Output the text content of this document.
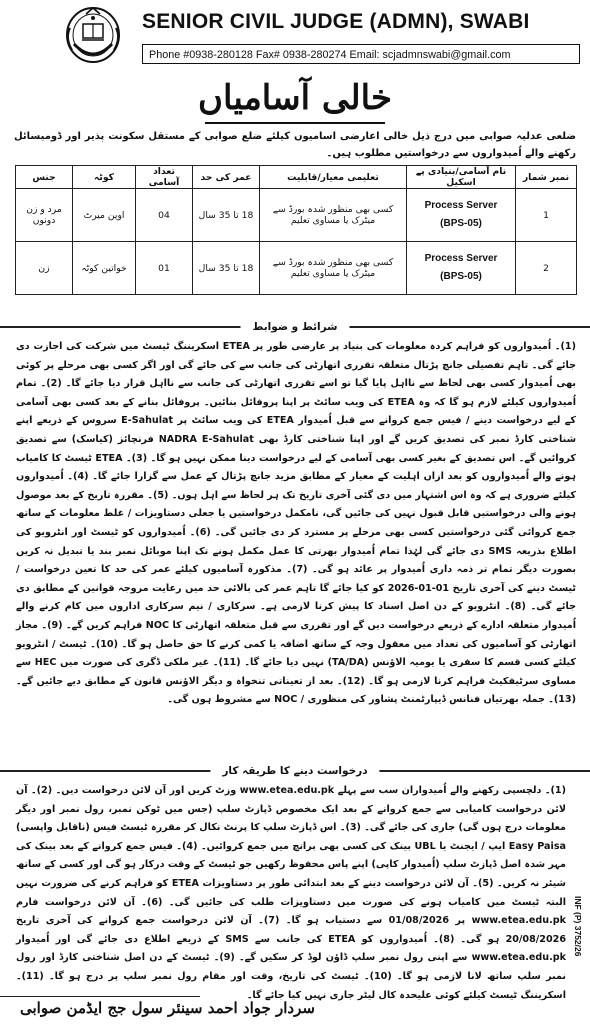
SENIOR CIVIL JUDGE (ADMN), SWABI
Phone #0938-280128 Fax# 0938-280274 Email: scjadmnswabi@gmail.com
خالی آسامیاں
ضلعی عدلیہ صوابی میں درج ذیل خالی اعارضی اسامیوں کیلئے ضلع صوابی کے مستقل سکونت پذیر اور ڈومیسائل رکھنے والے اُمیدواروں سے درخواستیں مطلوب ہیں۔
نمبر شمار	نام آسامی/بنیادی پے اسکیل	تعلیمی معیار/قابلیت	عمر کی حد	تعداد آسامی	کوٹہ	جنس
1	Process Server
(BPS-05)	کسی بھی منظور شدہ بورڈ سے میٹرک یا مساوی تعلیم	18 تا 35 سال	04	اوپن میرٹ	مرد و زن دونوں
2	Process Server
(BPS-05)	کسی بھی منظور شدہ بورڈ سے میٹرک یا مساوی تعلیم	18 تا 35 سال	01	خواتین کوٹہ	زن
شرائط و ضوابط
(1)۔ اُمیدواروں کو فراہم کردہ معلومات کی بنیاد پر عارضی طور پر ETEA اسکریننگ ٹیسٹ میں شرکت کی اجازت دی جائے گی۔ تاہم تفصیلی جانچ پڑتال متعلقہ تقرری اتھارٹی کی جانب سے کی جائے گی اور اگر کسی بھی مرحلے پر کوئی بھی اُمیدوار کسی بھی لحاظ سے نااہل پایا گیا تو اسے تقرری اتھارٹی کی جانب سے نااہل قرار دیا جائے گا۔ (2)۔ تمام اُمیدواروں کیلئے لازم ہو گا کہ وہ ETEA کی ویب سائٹ پر اپنا پروفائل بنائیں۔ پروفائل بنانے کے بعد کسی بھی آسامی کے لیے درخواست دینے / فیس جمع کروانے سے قبل اُمیدوار ETEA کی ویب سائٹ پر E-Sahulat سروس کے ذریعے اپنے شناختی کارڈ نمبر کی تصدیق کریں گے اور اپنا شناختی کارڈ بھی NADRA E-Sahulat فرنچائز (کیاسک) سے تصدیق کروائیں گے۔ اس تصدیق کے بغیر کسی بھی آسامی کے لیے درخواست دینا ممکن نہیں ہو گا۔ (3)۔ ETEA ٹیسٹ کا کامیاب ہونے والے اُمیدواروں کو بعد ازاں اہلیت کے معیار کے مطابق مزید جانچ پڑتال کے عمل سے گزارا جائے گا۔ (4)۔ اُمیدواروں کیلئے ضروری ہے کہ وہ اس اشتہار میں دی گئی آخری تاریخ تک ہر لحاظ سے اہل ہوں۔ (5)۔ مقررہ تاریخ کے بعد موصول ہونے والی درخواستیں قابل قبول نہیں کی جائیں گی، نامکمل درخواستیں یا جعلی دستاویزات / غلط معلومات کے ساتھ جمع کروائی گئی درخواستیں کسی بھی مرحلے پر مسترد کر دی جائیں گی۔ (6)۔ اُمیدواروں کو ٹیسٹ اور انٹرویو کی اطلاع بذریعہ SMS دی جائے گی لہٰذا تمام اُمیدوار بھرتی کا عمل مکمل ہونے تک اپنا موبائل نمبر بند یا تبدیل نہ کریں بصورت دیگر تمام تر ذمہ داری اُمیدوار پر عائد ہو گی۔ (7)۔ مذکورہ آسامیوں کیلئے عمر کی حد کا تعین درخواست / ٹیسٹ دینے کی آخری تاریخ 01-01-2026 کو کیا جائے گا تاہم عمر کی بالائی حد میں رعایت مروجہ قوانین کے مطابق دی جائے گی۔ (8)۔ انٹرویو کے دن اصل اسناد کا پیش کرنا لازمی ہے۔ سرکاری / نیم سرکاری اداروں میں کام کرنے والے اُمیدوار متعلقہ ادارے کے ذریعے درخواست دیں گے اور تقرری سے قبل متعلقہ اتھارٹی کا NOC فراہم کریں گے۔ (9)۔ مجاز اتھارٹی کو آسامیوں کی تعداد میں معقول وجہ کے ساتھ اضافہ یا کمی کرنے کا حق حاصل ہو گا۔ (10)۔ ٹیسٹ / انٹرویو کیلئے کسی قسم کا سفری یا یومیہ الاؤنس (TA/DA) نہیں دیا جائے گا۔ (11)۔ غیر ملکی ڈگری کی صورت میں HEC سے مساوی سرٹیفکیٹ فراہم کرنا لازمی ہو گا۔ (12)۔ بعد از تعیناتی تنخواہ و دیگر الاؤنس قانون کے مطابق دیے جائیں گے۔ (13)۔ جملہ بھرتیاں فنانس ڈیپارٹمنٹ پشاور کی منظوری / NOC سے مشروط ہوں گی۔
درخواست دینے کا طریقہ کار
(1)۔ دلچسپی رکھنے والے اُمیدواران سب سے پہلے www.etea.edu.pk وزٹ کریں اور آن لائن درخواست دیں۔ (2)۔ آن لائن درخواست کامیابی سے جمع کروانے کے بعد ایک مخصوص ڈپازٹ سلپ (جس میں ٹوکن نمبر، رول نمبر اور دیگر معلومات درج ہوں گی) جاری کی جائے گی۔ (3)۔ اس ڈپازٹ سلپ کا پرنٹ نکال کر مقررہ ٹیسٹ فیس (ناقابل واپسی) Easy Paisa ایپ / ایجنٹ یا UBL بینک کی کسی بھی برانچ میں جمع کروائیں۔ (4)۔ فیس جمع کروانے کے بعد بینک کی مہر شدہ اصل ڈپازٹ سلپ (اُمیدوار کاپی) اپنے پاس محفوظ رکھیں جو ٹیسٹ کے وقت درکار ہو گی اور کسی کے ساتھ شیئر نہ کریں۔ (5)۔ آن لائن درخواست دینے کے بعد ابتدائی طور پر دستاویزات ETEA کو فراہم کرنے کی ضرورت نہیں البتہ ٹیسٹ میں کامیاب ہونے کی صورت میں دستاویزات طلب کی جائیں گی۔ (6)۔ آن لائن درخواست فارم www.etea.edu.pk پر 01/08/2026 سے دستیاب ہو گا۔ (7)۔ آن لائن درخواست جمع کروانے کی آخری تاریخ 20/08/2026 ہو گی۔ (8)۔ اُمیدواروں کو ETEA کی جانب سے SMS کے ذریعے اطلاع دی جائے گی اور اُمیدوار www.etea.edu.pk سے اپنی رول نمبر سلپ ڈاؤن لوڈ کر سکیں گے۔ (9)۔ ٹیسٹ کے دن اصل شناختی کارڈ اور رول نمبر سلپ ساتھ لانا لازمی ہو گا۔ (10)۔ ٹیسٹ کی تاریخ، وقت اور مقام رول نمبر سلپ پر درج ہو گا۔ (11)۔ اسکریننگ ٹیسٹ کیلئے کوئی علیحدہ کال لیٹر جاری نہیں کیا جائے گا۔
INF (P) 3752/26
سردار جواد احمد سینئر سول جج ایڈمن صوابی
